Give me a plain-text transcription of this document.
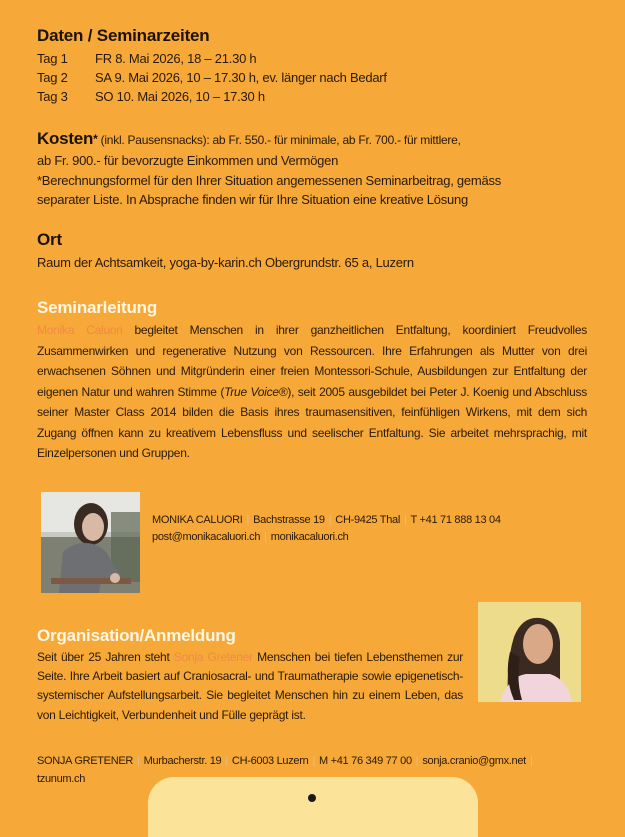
Daten / Seminarzeiten
Tag 1	FR 8. Mai 2026, 18 – 21.30 h
Tag 2	SA 9. Mai 2026, 10 – 17.30 h, ev. länger nach Bedarf
Tag 3	SO 10. Mai 2026, 10 – 17.30 h
Kosten* (inkl. Pausensnacks): ab Fr. 550.- für minimale, ab Fr. 700.- für mittlere,
ab Fr. 900.- für bevorzugte Einkommen und Vermögen
*Berechnungsformel für den Ihrer Situation angemessenen Seminarbeitrag, gemäss
separater Liste. In Absprache finden wir für Ihre Situation eine kreative Lösung
Ort
Raum der Achtsamkeit, yoga-by-karin.ch Obergrundstr. 65 a, Luzern
Seminarleitung
Monika Caluori begleitet Menschen in ihrer ganzheitlichen Entfaltung, koordiniert Freudvolles Zusammenwirken und regenerative Nutzung von Ressourcen. Ihre Erfahrungen als Mutter von drei erwachsenen Söhnen und Mitgründerin einer freien Montessori-Schule, Ausbildungen zur Entfaltung der eigenen Natur und wahren Stimme (True Voice®), seit 2005 ausgebildet bei Peter J. Koenig und Abschluss seiner Master Class 2014 bilden die Basis ihres traumasensitiven, feinfühligen Wirkens, mit dem sich Zugang öffnen kann zu kreativem Lebensfluss und seelischer Entfaltung. Sie arbeitet mehrsprachig, mit Einzelpersonen und Gruppen.
MONIKA CALUORI | Bachstrasse 19 | CH-9425 Thal | T +41 71 888 13 04
post@monikacaluori.ch | monikacaluori.ch
Organisation/Anmeldung
Seit über 25 Jahren steht Sonja Gretener Menschen bei tiefen Lebensthemen zur Seite. Ihre Arbeit basiert auf Craniosacral- und Traumatherapie sowie epigenetisch-systemischer Aufstellungsarbeit. Sie begleitet Menschen hin zu einem Leben, das von Leichtigkeit, Verbundenheit und Fülle geprägt ist.
SONJA GRETENER | Murbacherstr. 19 | CH-6003 Luzern | M +41 76 349 77 00 | sonja.cranio@gmx.net |
tzunum.ch
